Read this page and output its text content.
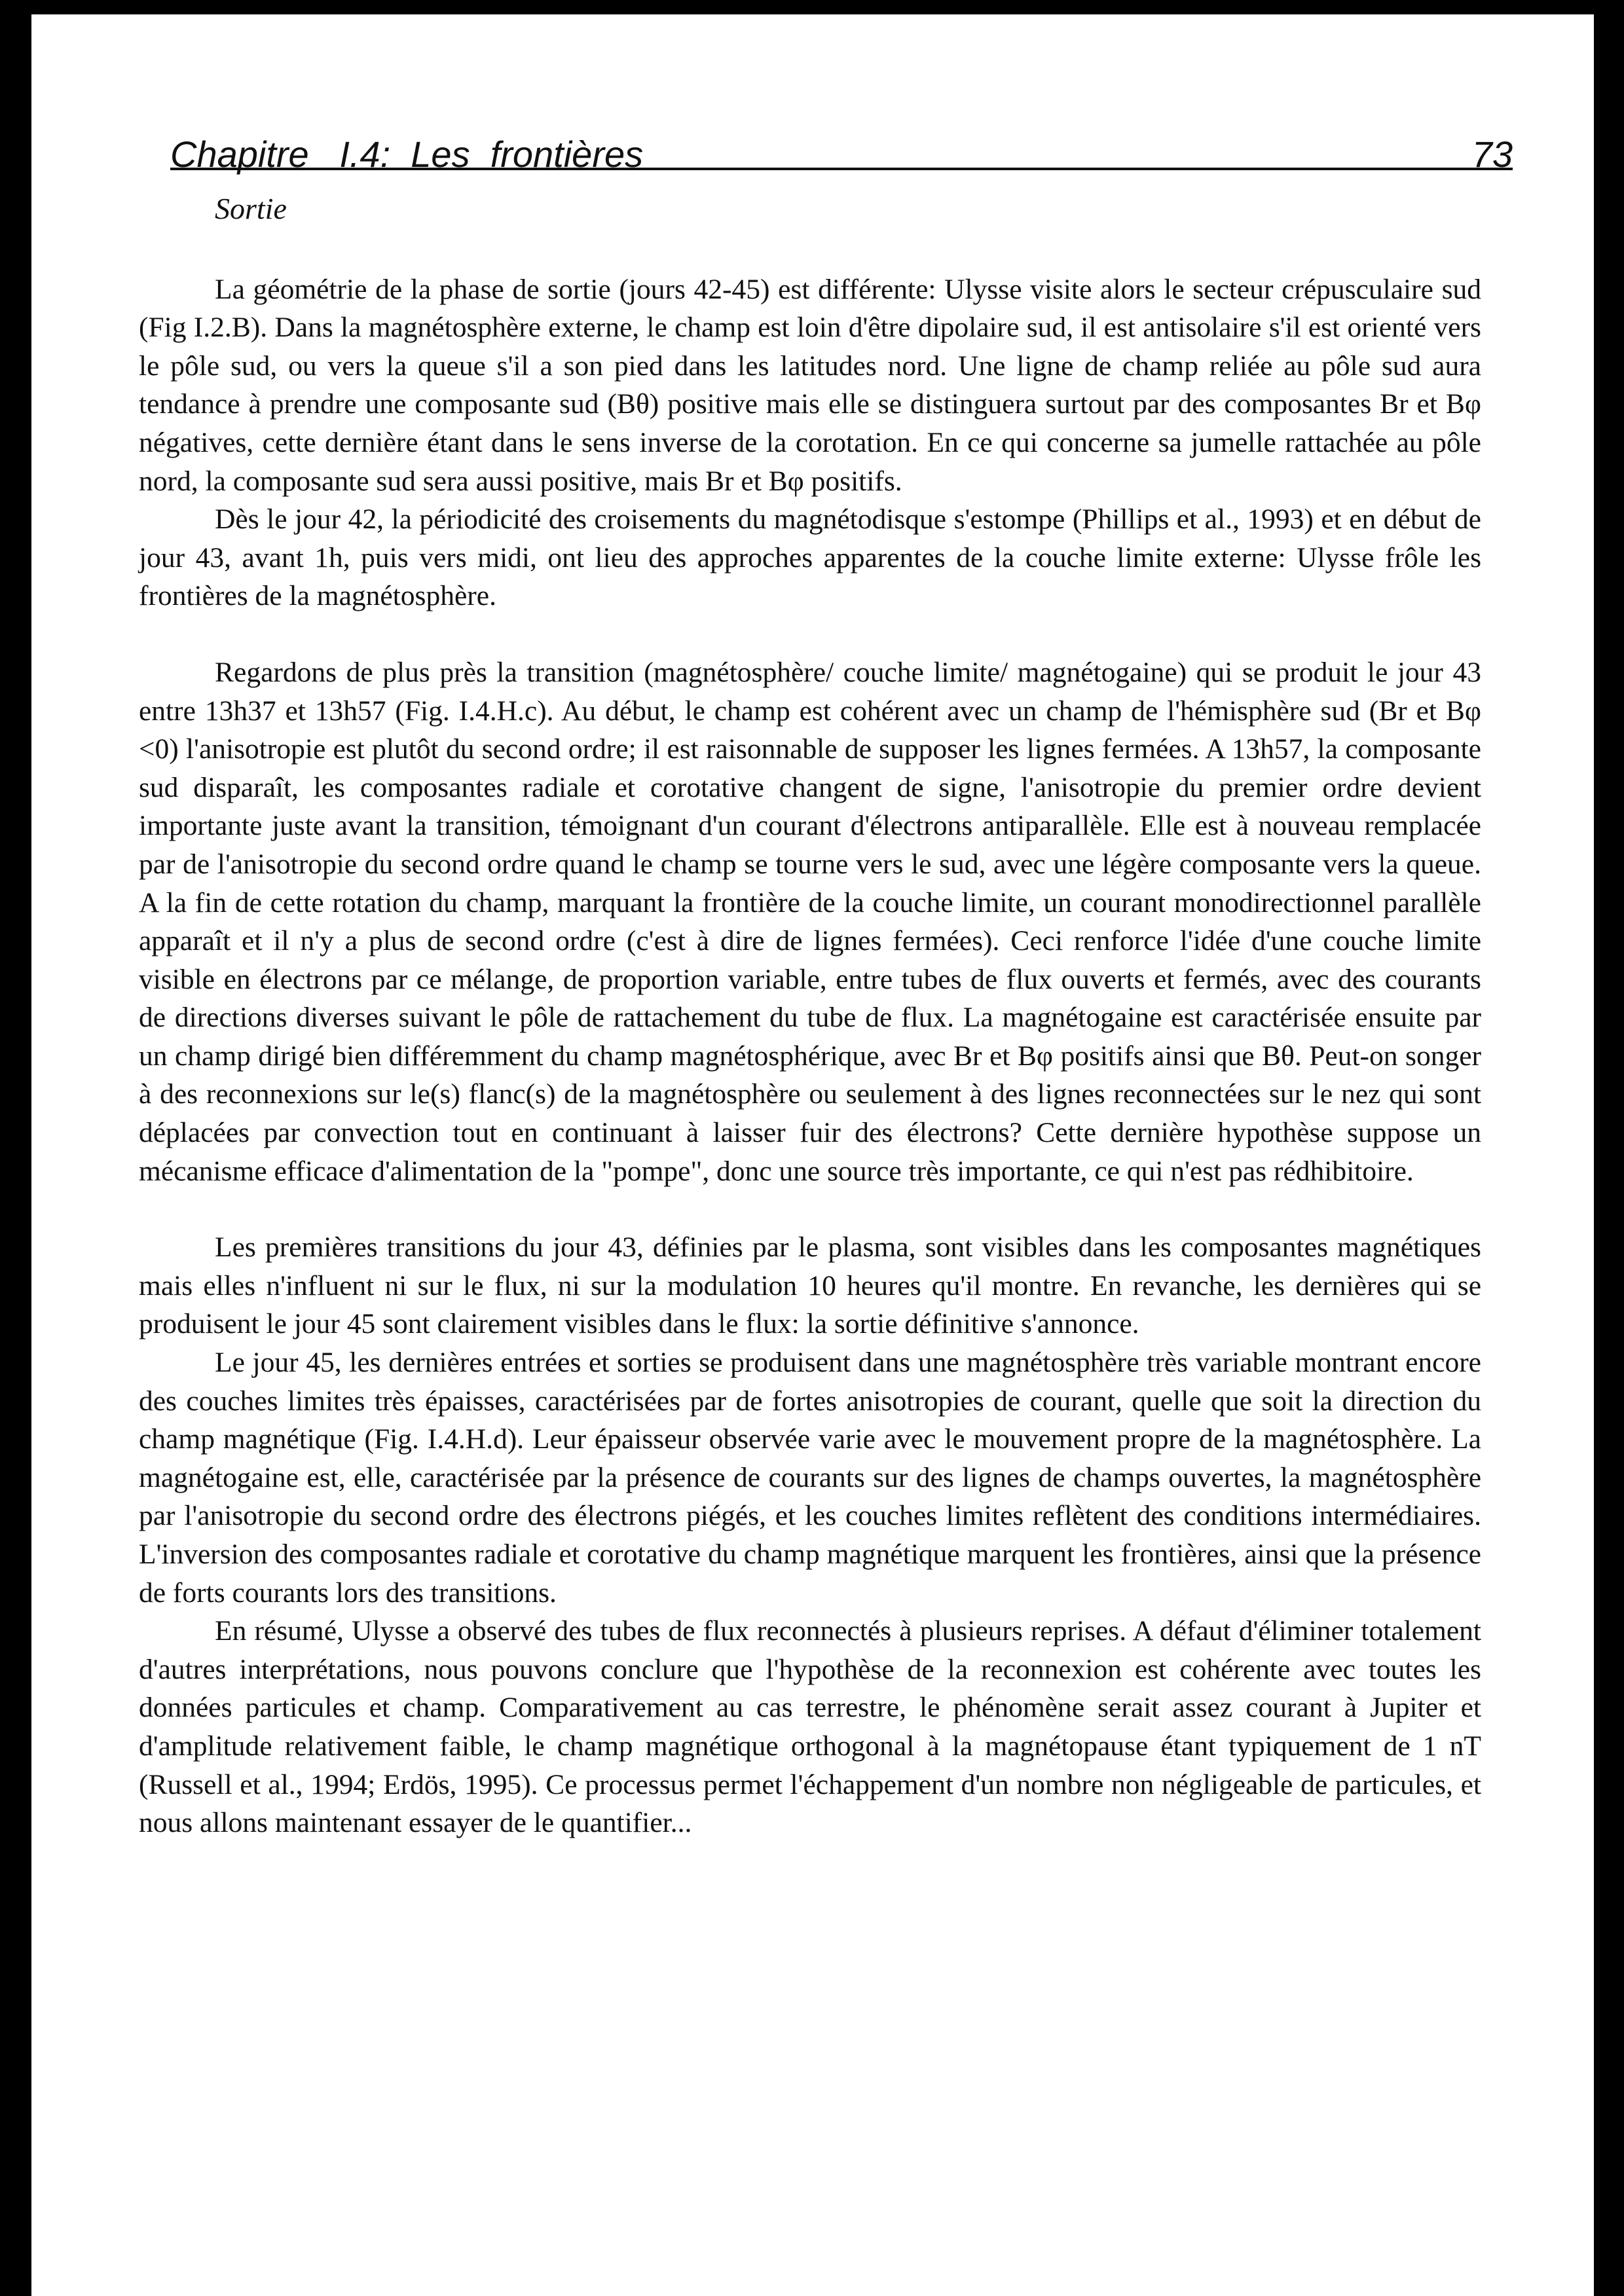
Chapitre   I.4:  Les  frontières	73
Sortie

La géométrie de la phase de sortie (jours 42-45) est différente: Ulysse visite alors le secteur crépusculaire sud (Fig I.2.B). Dans la magnétosphère externe, le champ est loin d'être dipolaire sud, il est antisolaire s'il est orienté vers le pôle sud, ou vers la queue s'il a son pied dans les latitudes nord. Une ligne de champ reliée au pôle sud aura tendance à prendre une composante sud (Bθ) positive mais elle se distinguera surtout par des composantes Br et Bφ négatives, cette dernière étant dans le sens inverse de la corotation. En ce qui concerne sa jumelle rattachée au pôle nord, la composante sud sera aussi positive, mais Br et Bφ positifs.

Dès le jour 42, la périodicité des croisements du magnétodisque s'estompe (Phillips et al., 1993) et en début de jour 43, avant 1h, puis vers midi, ont lieu des approches apparentes de la couche limite externe: Ulysse frôle les frontières de la magnétosphère.

Regardons de plus près la transition (magnétosphère/ couche limite/ magnétogaine) qui se produit le jour 43 entre 13h37 et 13h57 (Fig. I.4.H.c). Au début, le champ est cohérent avec un champ de l'hémisphère sud (Br et Bφ <0) l'anisotropie est plutôt du second ordre; il est raisonnable de supposer les lignes fermées. A 13h57, la composante sud disparaît, les composantes radiale et corotative changent de signe, l'anisotropie du premier ordre devient importante juste avant la transition, témoignant d'un courant d'électrons antiparallèle. Elle est à nouveau remplacée par de l'anisotropie du second ordre quand le champ se tourne vers le sud, avec une légère composante vers la queue. A la fin de cette rotation du champ, marquant la frontière de la couche limite, un courant monodirectionnel parallèle apparaît et il n'y a plus de second ordre (c'est à dire de lignes fermées). Ceci renforce l'idée d'une couche limite visible en électrons par ce mélange, de proportion variable, entre tubes de flux ouverts et fermés, avec des courants de directions diverses suivant le pôle de rattachement du tube de flux. La magnétogaine est caractérisée ensuite par un champ dirigé bien différemment du champ magnétosphérique, avec Br et Bφ positifs ainsi que Bθ. Peut-on songer à des reconnexions sur le(s) flanc(s) de la magnétosphère ou seulement à des lignes reconnectées sur le nez qui sont déplacées par convection tout en continuant à laisser fuir des électrons? Cette dernière hypothèse suppose un mécanisme efficace d'alimentation de la "pompe", donc une source très importante, ce qui n'est pas rédhibitoire.

Les premières transitions du jour 43, définies par le plasma, sont visibles dans les composantes magnétiques mais elles n'influent ni sur le flux, ni sur la modulation 10 heures qu'il montre. En revanche, les dernières qui se produisent le jour 45 sont clairement visibles dans le flux: la sortie définitive s'annonce.

Le jour 45, les dernières entrées et sorties se produisent dans une magnétosphère très variable montrant encore des couches limites très épaisses, caractérisées par de fortes anisotropies de courant, quelle que soit la direction du champ magnétique (Fig. I.4.H.d). Leur épaisseur observée varie avec le mouvement propre de la magnétosphère. La magnétogaine est, elle, caractérisée par la présence de courants sur des lignes de champs ouvertes, la magnétosphère par l'anisotropie du second ordre des électrons piégés, et les couches limites reflètent des conditions intermédiaires. L'inversion des composantes radiale et corotative du champ magnétique marquent les frontières, ainsi que la présence de forts courants lors des transitions.

En résumé, Ulysse a observé des tubes de flux reconnectés à plusieurs reprises. A défaut d'éliminer totalement d'autres interprétations, nous pouvons conclure que l'hypothèse de la reconnexion est cohérente avec toutes les données particules et champ. Comparativement au cas terrestre, le phénomène serait assez courant à Jupiter et d'amplitude relativement faible, le champ magnétique orthogonal à la magnétopause étant typiquement de 1 nT (Russell et al., 1994; Erdös, 1995). Ce processus permet l'échappement d'un nombre non négligeable de particules, et nous allons maintenant essayer de le quantifier...
